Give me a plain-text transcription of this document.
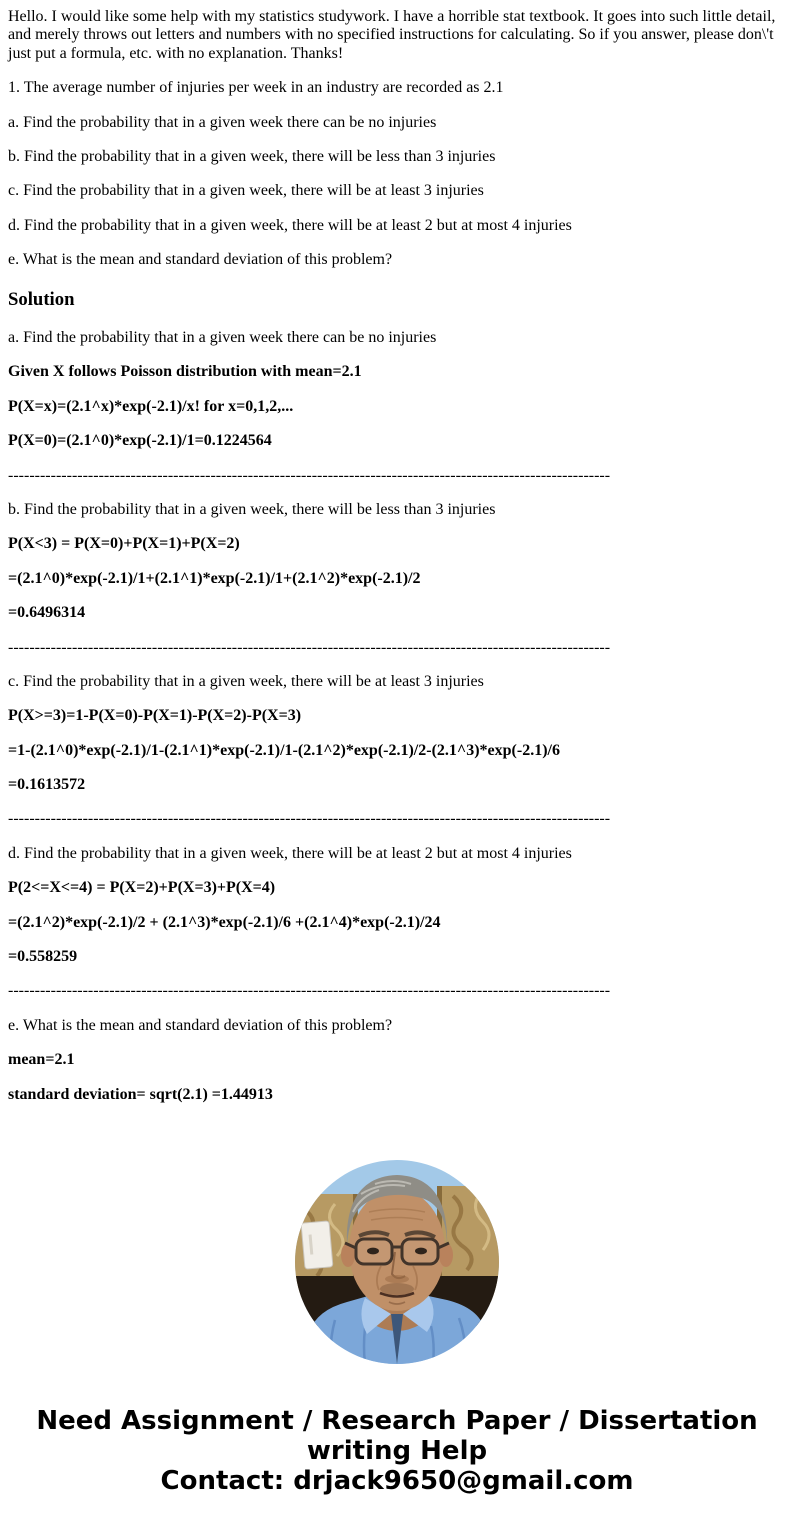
Hello. I would like some help with my statistics studywork. I have a horrible stat textbook. It goes into such little detail, and merely throws out letters and numbers with no specified instructions for calculating. So if you answer, please don\'t just put a formula, etc. with no explanation. Thanks!

1. The average number of injuries per week in an industry are recorded as 2.1

a. Find the probability that in a given week there can be no injuries

b. Find the probability that in a given week, there will be less than 3 injuries

c. Find the probability that in a given week, there will be at least 3 injuries

d. Find the probability that in a given week, there will be at least 2 but at most 4 injuries

e. What is the mean and standard deviation of this problem?

Solution

a. Find the probability that in a given week there can be no injuries

Given X follows Poisson distribution with mean=2.1

P(X=x)=(2.1^x)*exp(-2.1)/x! for x=0,1,2,...

P(X=0)=(2.1^0)*exp(-2.1)/1=0.1224564

-----------------------------------------------------------------------------------------------------------------

b. Find the probability that in a given week, there will be less than 3 injuries

P(X<3) = P(X=0)+P(X=1)+P(X=2)

=(2.1^0)*exp(-2.1)/1+(2.1^1)*exp(-2.1)/1+(2.1^2)*exp(-2.1)/2

=0.6496314

-----------------------------------------------------------------------------------------------------------------

c. Find the probability that in a given week, there will be at least 3 injuries

P(X>=3)=1-P(X=0)-P(X=1)-P(X=2)-P(X=3)

=1-(2.1^0)*exp(-2.1)/1-(2.1^1)*exp(-2.1)/1-(2.1^2)*exp(-2.1)/2-(2.1^3)*exp(-2.1)/6

=0.1613572

-----------------------------------------------------------------------------------------------------------------

d. Find the probability that in a given week, there will be at least 2 but at most 4 injuries

P(2<=X<=4) = P(X=2)+P(X=3)+P(X=4)

=(2.1^2)*exp(-2.1)/2 + (2.1^3)*exp(-2.1)/6 +(2.1^4)*exp(-2.1)/24

=0.558259

-----------------------------------------------------------------------------------------------------------------

e. What is the mean and standard deviation of this problem?

mean=2.1

standard deviation= sqrt(2.1) =1.44913

Need Assignment / Research Paper / Dissertation
writing Help
Contact: drjack9650@gmail.com
